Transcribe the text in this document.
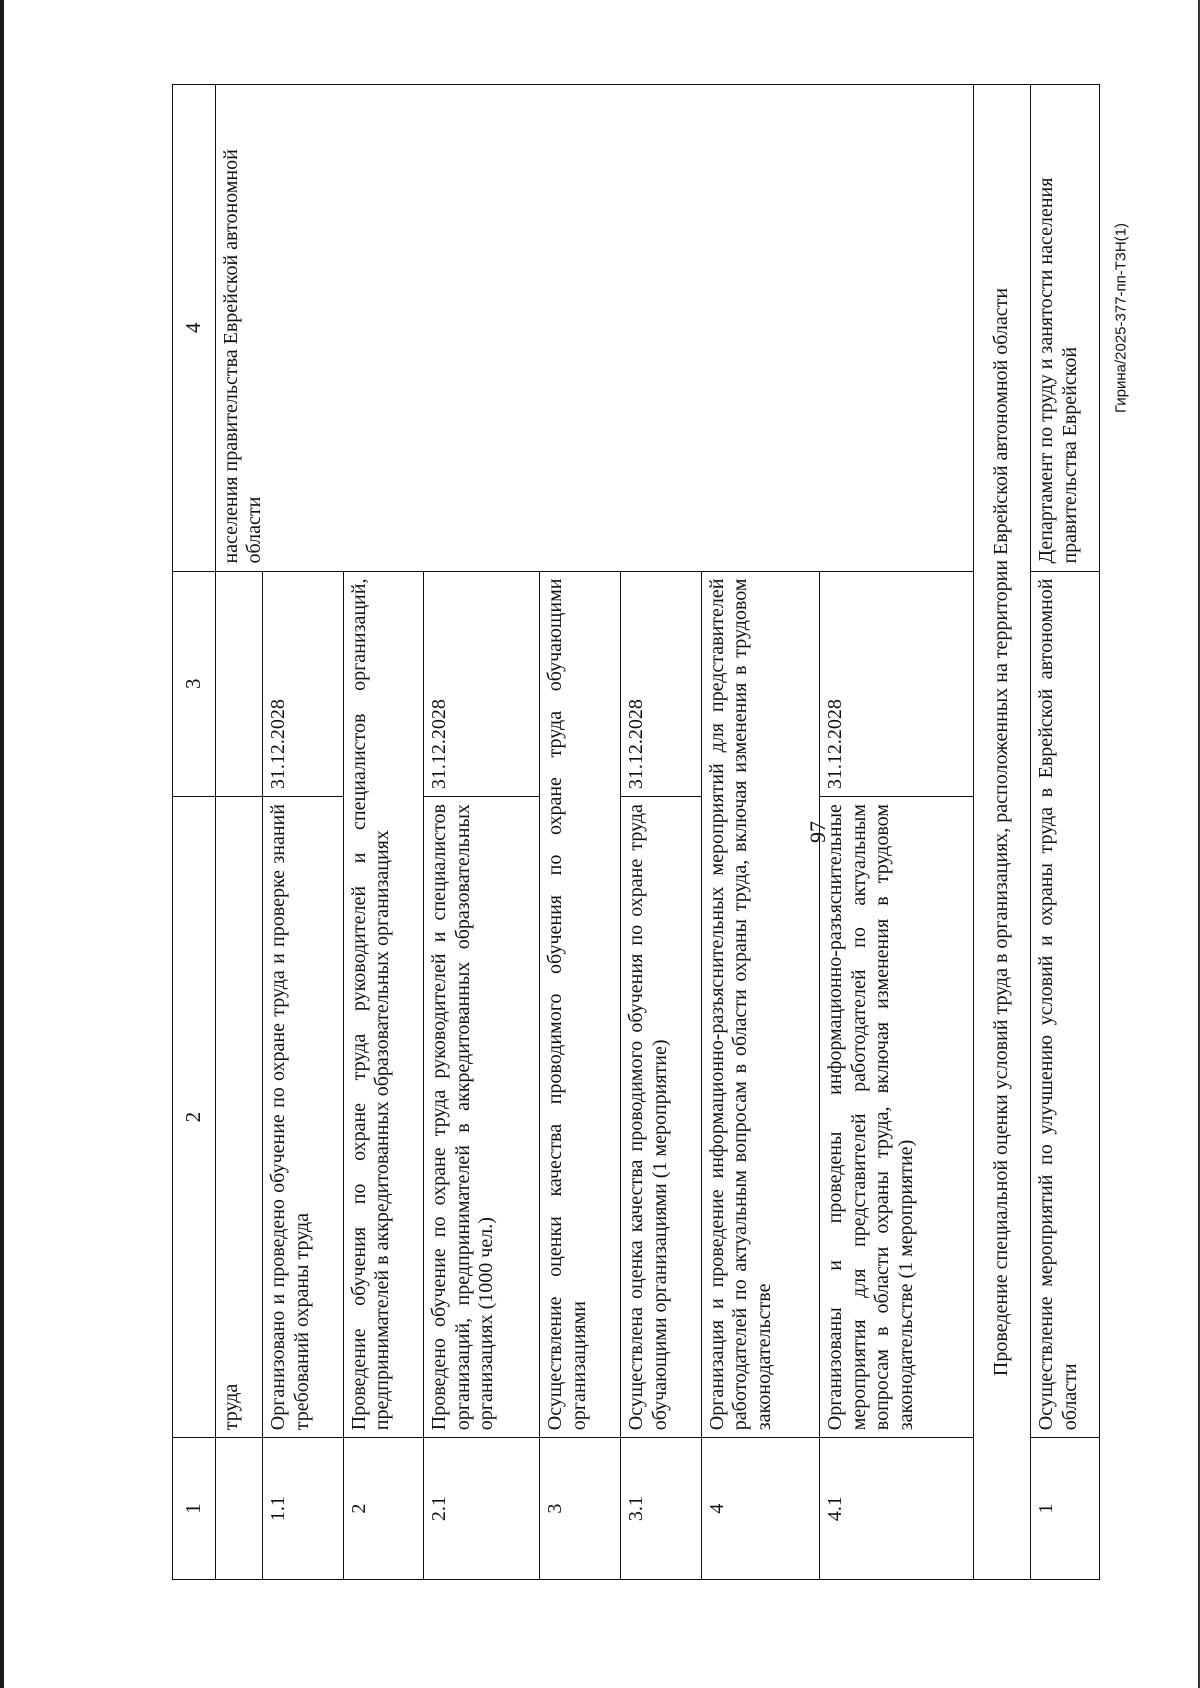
97
Гирина/2025-377-пп-ТЗН(1)
1	2	3	4
	труда		населения правительства Еврейской автономной области
1.1	Организовано и проведено обучение по охране труда и проверке знаний требований охраны труда	31.12.2028	
2	Проведение обучения по охране труда руководителей и специалистов организаций, предпринимателей в аккредитованных образовательных организациях		
2.1	Проведено обучение по охране труда руководителей и специалистов организаций, предпринимателей в аккредитованных образовательных организациях (1000 чел.)	31.12.2028	
3	Осуществление оценки качества проводимого обучения по охране труда обучающими организациями		
3.1	Осуществлена оценка качества проводимого обучения по охране труда обучающими организациями (1 мероприятие)	31.12.2028	
4	Организация и проведение информационно-разъяснительных мероприятий для представителей работодателей по актуальным вопросам в области охраны труда, включая изменения в трудовом законодательстве		
4.1	Организованы и проведены информационно-разъяснительные мероприятия для представителей работодателей по актуальным вопросам в области охраны труда, включая изменения в трудовом законодательстве (1 мероприятие)	31.12.2028	
Проведение специальной оценки условий труда в организациях, расположенных на территории Еврейской автономной области			
1	Осуществление мероприятий по улучшению условий и охраны труда в Еврейской автономной области		Департамент по труду и занятости населения правительства Еврейской
